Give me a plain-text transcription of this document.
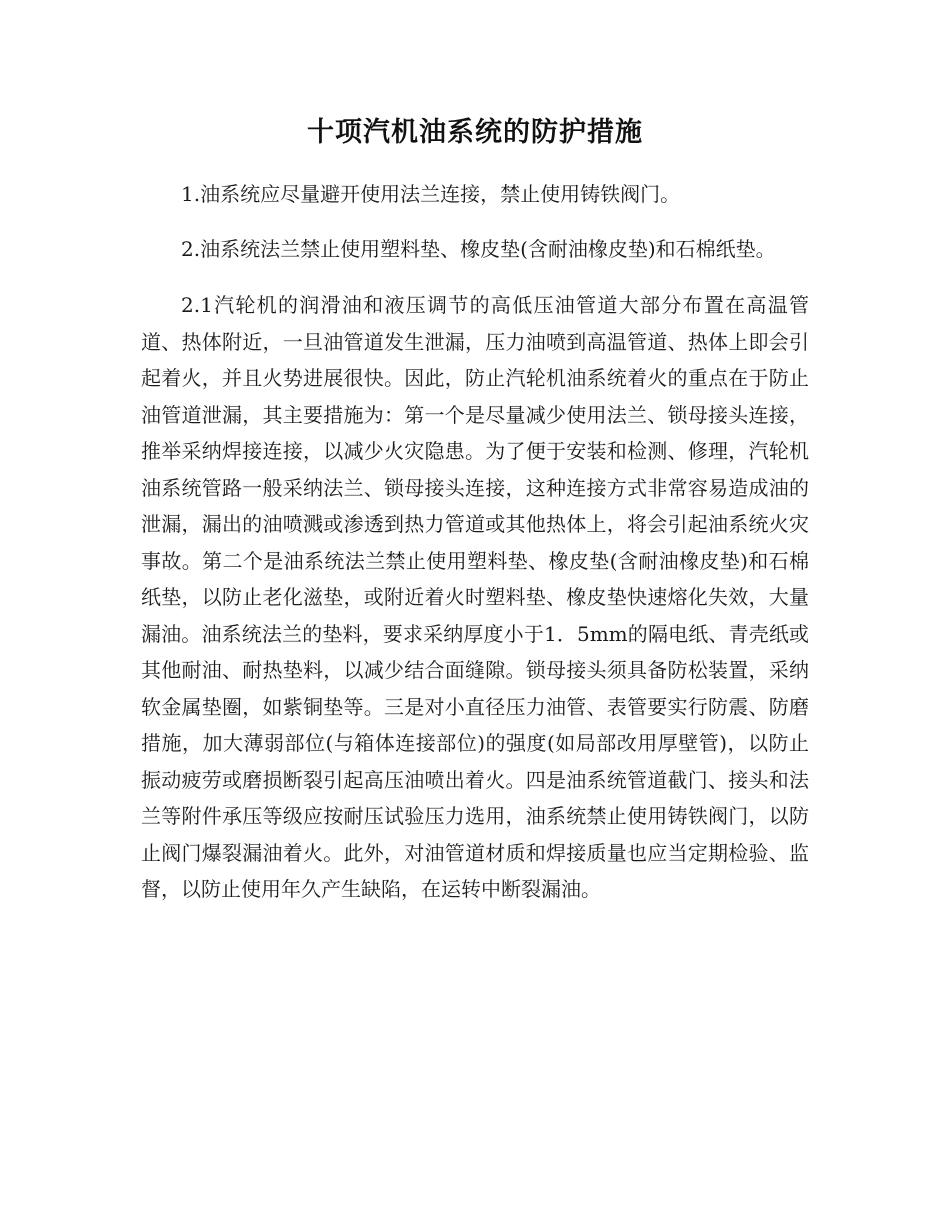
十项汽机油系统的防护措施

1.油系统应尽量避开使用法兰连接，禁止使用铸铁阀门。

2.油系统法兰禁止使用塑料垫、橡皮垫(含耐油橡皮垫)和石棉纸垫。

2.1汽轮机的润滑油和液压调节的高低压油管道大部分布置在高温管道、热体附近，一旦油管道发生泄漏，压力油喷到高温管道、热体上即会引起着火，并且火势进展很快。因此，防止汽轮机油系统着火的重点在于防止油管道泄漏，其主要措施为：第一个是尽量减少使用法兰、锁母接头连接，推举采纳焊接连接，以减少火灾隐患。为了便于安装和检测、修理，汽轮机油系统管路一般采纳法兰、锁母接头连接，这种连接方式非常容易造成油的泄漏，漏出的油喷溅或渗透到热力管道或其他热体上，将会引起油系统火灾事故。第二个是油系统法兰禁止使用塑料垫、橡皮垫(含耐油橡皮垫)和石棉纸垫，以防止老化滋垫，或附近着火时塑料垫、橡皮垫快速熔化失效，大量漏油。油系统法兰的垫料，要求采纳厚度小于1．5mm的隔电纸、青壳纸或其他耐油、耐热垫料，以减少结合面缝隙。锁母接头须具备防松装置，采纳软金属垫圈，如紫铜垫等。三是对小直径压力油管、表管要实行防震、防磨措施，加大薄弱部位(与箱体连接部位)的强度(如局部改用厚壁管)，以防止振动疲劳或磨损断裂引起高压油喷出着火。四是油系统管道截门、接头和法兰等附件承压等级应按耐压试验压力选用，油系统禁止使用铸铁阀门，以防止阀门爆裂漏油着火。此外，对油管道材质和焊接质量也应当定期检验、监督，以防止使用年久产生缺陷，在运转中断裂漏油。
